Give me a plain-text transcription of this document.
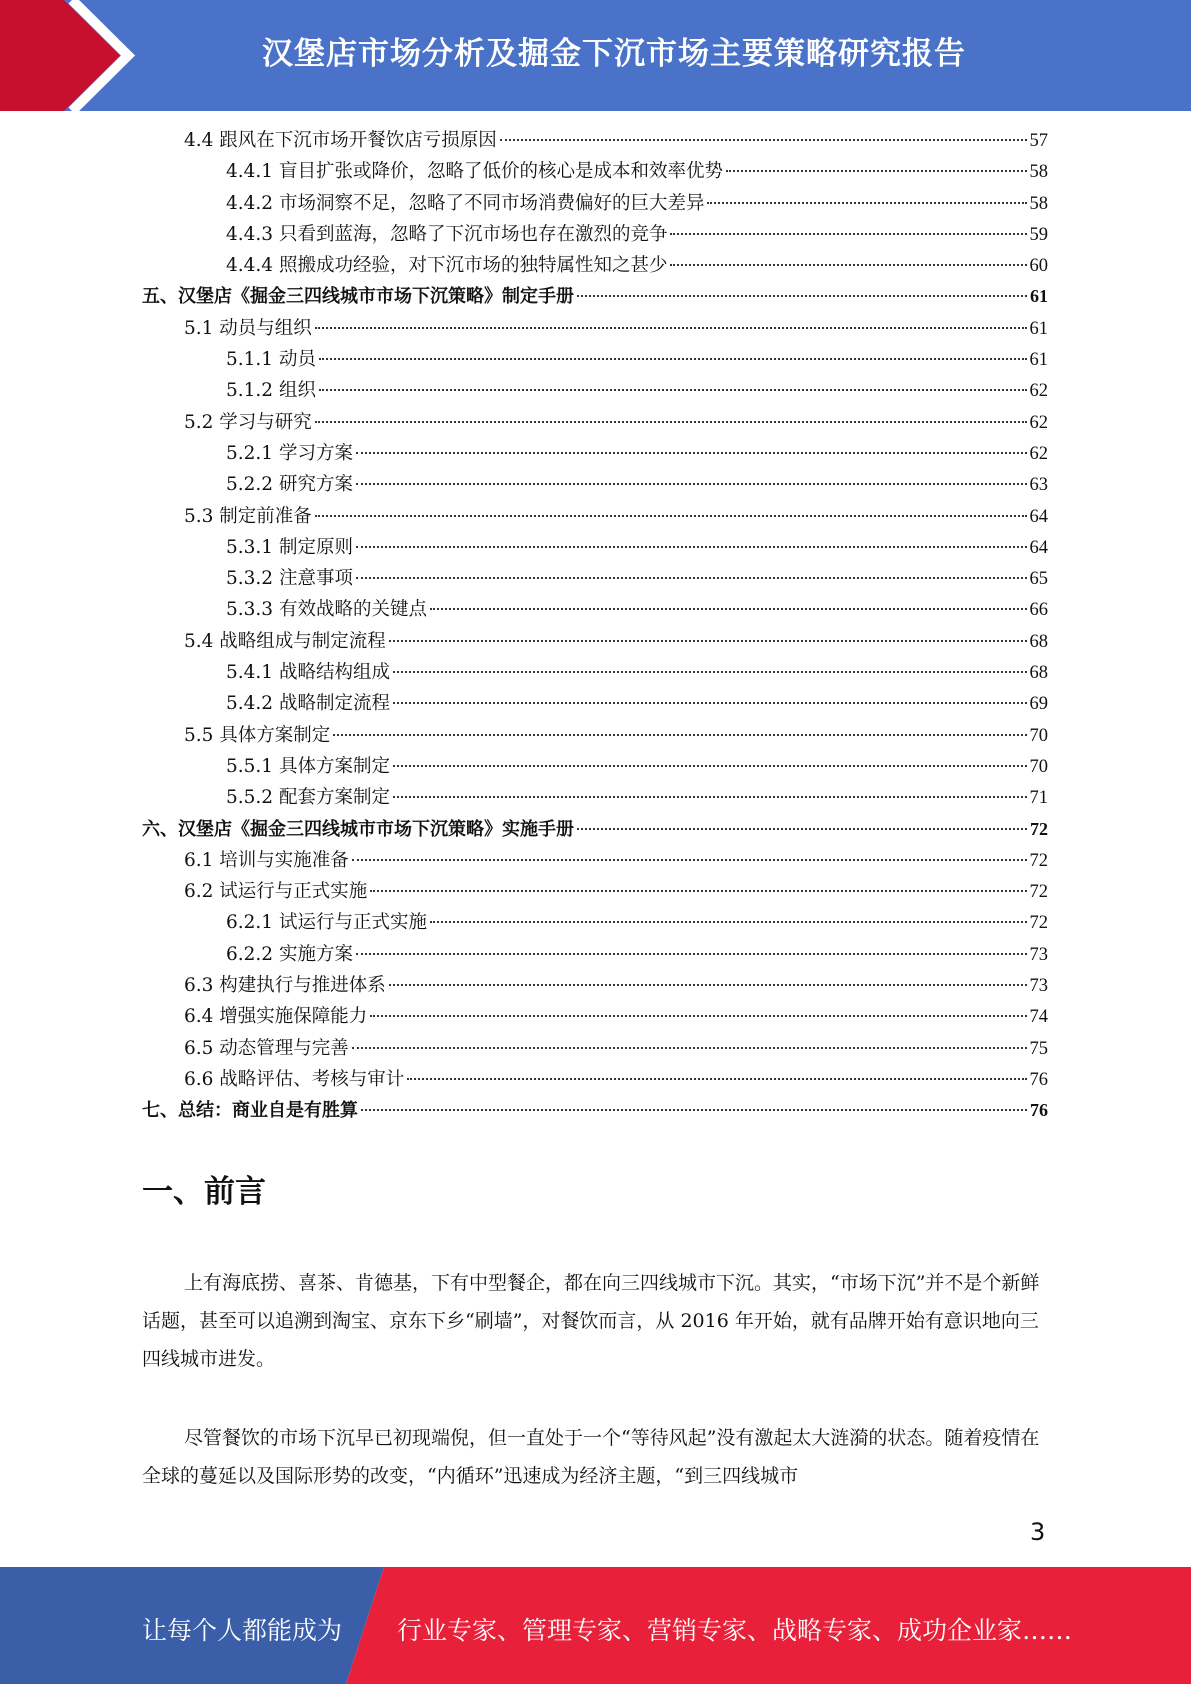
汉堡店市场分析及掘金下沉市场主要策略研究报告
4.4 跟风在下沉市场开餐饮店亏损原因	57
4.4.1 盲目扩张或降价，忽略了低价的核心是成本和效率优势	58
4.4.2 市场洞察不足，忽略了不同市场消费偏好的巨大差异	58
4.4.3 只看到蓝海，忽略了下沉市场也存在激烈的竞争	59
4.4.4 照搬成功经验，对下沉市场的独特属性知之甚少	60
五、汉堡店《掘金三四线城市市场下沉策略》制定手册	61
5.1 动员与组织	61
5.1.1 动员	61
5.1.2 组织	62
5.2 学习与研究	62
5.2.1 学习方案	62
5.2.2 研究方案	63
5.3 制定前准备	64
5.3.1 制定原则	64
5.3.2 注意事项	65
5.3.3 有效战略的关键点	66
5.4 战略组成与制定流程	68
5.4.1 战略结构组成	68
5.4.2 战略制定流程	69
5.5 具体方案制定	70
5.5.1 具体方案制定	70
5.5.2 配套方案制定	71
六、汉堡店《掘金三四线城市市场下沉策略》实施手册	72
6.1 培训与实施准备	72
6.2 试运行与正式实施	72
6.2.1 试运行与正式实施	72
6.2.2 实施方案	73
6.3 构建执行与推进体系	73
6.4 增强实施保障能力	74
6.5 动态管理与完善	75
6.6 战略评估、考核与审计	76
七、总结：商业自是有胜算	76
一、前言

上有海底捞、喜茶、肯德基，下有中型餐企，都在向三四线城市下沉。其实，“市场下沉”并不是个新鲜话题，甚至可以追溯到淘宝、京东下乡“刷墙”，对餐饮而言，从 2016 年开始，就有品牌开始有意识地向三四线城市进发。

尽管餐饮的市场下沉早已初现端倪，但一直处于一个“等待风起”没有激起太大涟漪的状态。随着疫情在全球的蔓延以及国际形势的改变，“内循环”迅速成为经济主题，“到三四线城市

3
让每个人都能成为 行业专家、管理专家、营销专家、战略专家、成功企业家……
